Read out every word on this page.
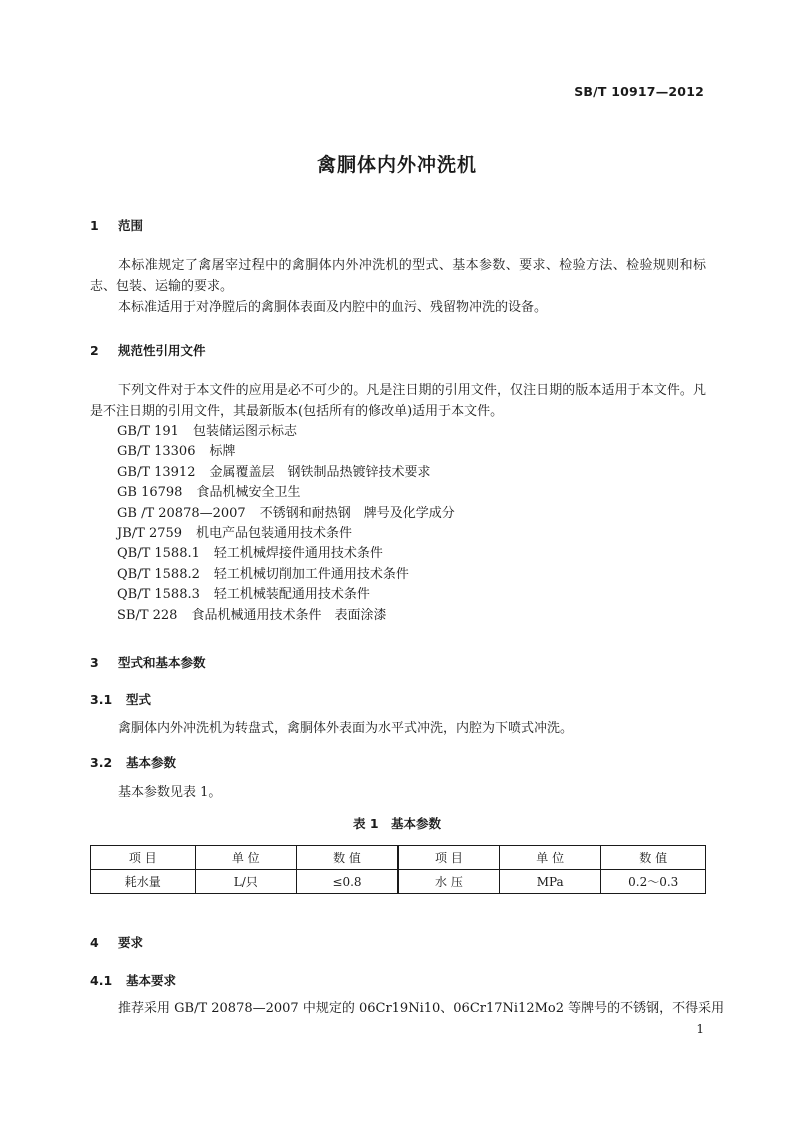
SB/T 10917—2012
禽胴体内外冲洗机
1 范围

本标准规定了禽屠宰过程中的禽胴体内外冲洗机的型式、基本参数、要求、检验方法、检验规则和标志、包装、运输的要求。

本标准适用于对净膛后的禽胴体表面及内腔中的血污、残留物冲洗的设备。

2 规范性引用文件

下列文件对于本文件的应用是必不可少的。凡是注日期的引用文件，仅注日期的版本适用于本文件。凡是不注日期的引用文件，其最新版本(包括所有的修改单)适用于本文件。

GB/T 191 包装储运图示标志
GB/T 13306 标牌
GB/T 13912 金属覆盖层　钢铁制品热镀锌技术要求
GB 16798 食品机械安全卫生
GB /T 20878—2007 不锈钢和耐热钢　牌号及化学成分
JB/T 2759 机电产品包装通用技术条件
QB/T 1588.1 轻工机械焊接件通用技术条件
QB/T 1588.2 轻工机械切削加工件通用技术条件
QB/T 1588.3 轻工机械装配通用技术条件
SB/T 228 食品机械通用技术条件　表面涂漆
3 型式和基本参数
3.1 型式

禽胴体内外冲洗机为转盘式，禽胴体外表面为水平式冲洗，内腔为下喷式冲洗。

3.2 基本参数

基本参数见表 1。

表 1　基本参数
项 目	单 位	数 值	项 目	单 位	数 值
耗水量	L/只	≤0.8	水 压	MPa	0.2～0.3
4 要求
4.1 基本要求

推荐采用 GB/T 20878—2007 中规定的 06Cr19Ni10、06Cr17Ni12Mo2 等牌号的不锈钢，不得采用

1
